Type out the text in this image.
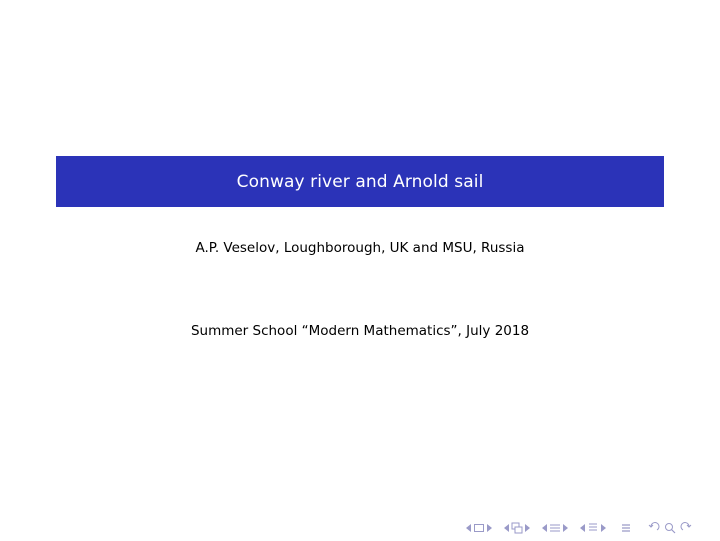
Conway river and Arnold sail
A.P. Veselov, Loughborough, UK and MSU, Russia
Summer School “Modern Mathematics”, July 2018
